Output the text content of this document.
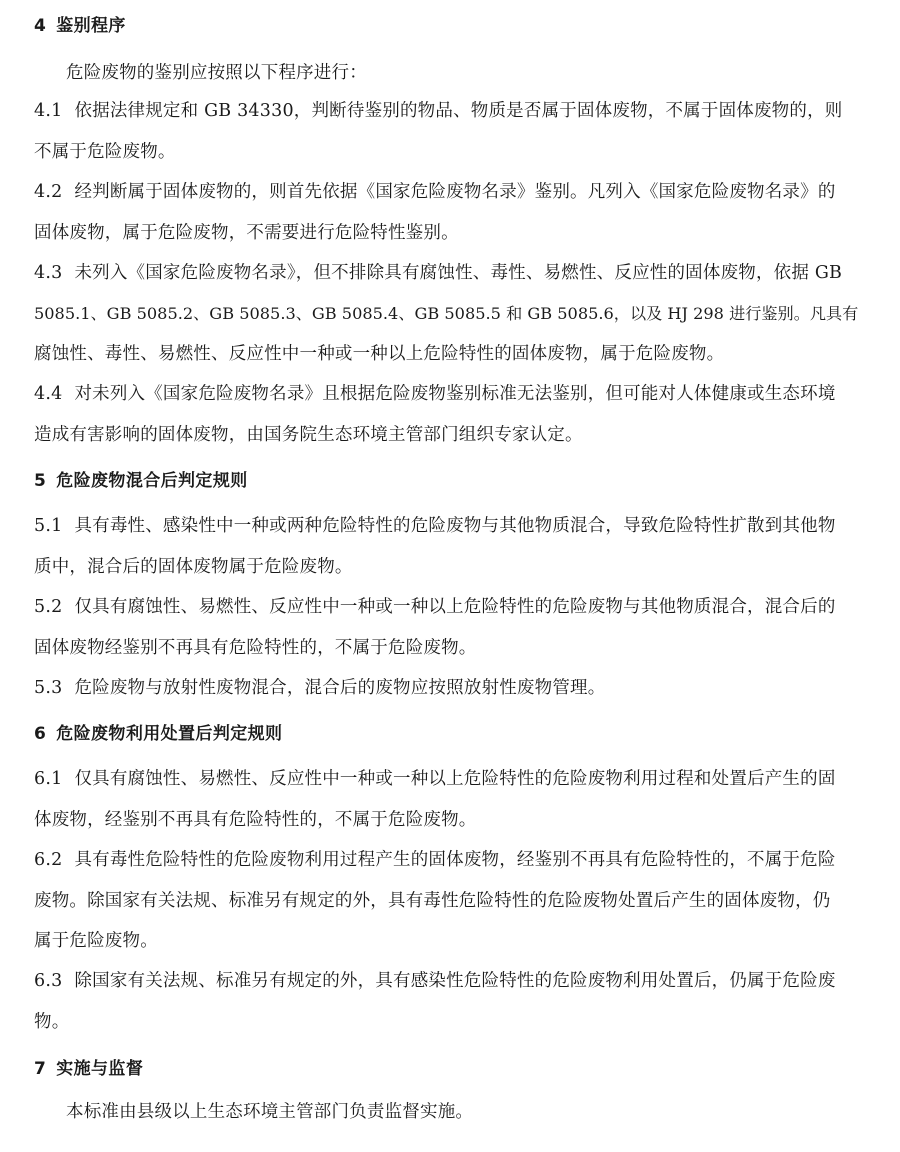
4 鉴别程序
危险废物的鉴别应按照以下程序进行：
4.1 依据法律规定和 GB 34330，判断待鉴别的物品、物质是否属于固体废物，不属于固体废物的，则
不属于危险废物。
4.2 经判断属于固体废物的，则首先依据《国家危险废物名录》鉴别。凡列入《国家危险废物名录》的
固体废物，属于危险废物，不需要进行危险特性鉴别。
4.3 未列入《国家危险废物名录》，但不排除具有腐蚀性、毒性、易燃性、反应性的固体废物，依据 GB
5085.1、GB 5085.2、GB 5085.3、GB 5085.4、GB 5085.5 和 GB 5085.6，以及 HJ 298 进行鉴别。凡具有
腐蚀性、毒性、易燃性、反应性中一种或一种以上危险特性的固体废物，属于危险废物。
4.4 对未列入《国家危险废物名录》且根据危险废物鉴别标准无法鉴别，但可能对人体健康或生态环境
造成有害影响的固体废物，由国务院生态环境主管部门组织专家认定。
5 危险废物混合后判定规则
5.1 具有毒性、感染性中一种或两种危险特性的危险废物与其他物质混合，导致危险特性扩散到其他物
质中，混合后的固体废物属于危险废物。
5.2 仅具有腐蚀性、易燃性、反应性中一种或一种以上危险特性的危险废物与其他物质混合，混合后的
固体废物经鉴别不再具有危险特性的，不属于危险废物。
5.3 危险废物与放射性废物混合，混合后的废物应按照放射性废物管理。
6 危险废物利用处置后判定规则
6.1 仅具有腐蚀性、易燃性、反应性中一种或一种以上危险特性的危险废物利用过程和处置后产生的固
体废物，经鉴别不再具有危险特性的，不属于危险废物。
6.2 具有毒性危险特性的危险废物利用过程产生的固体废物，经鉴别不再具有危险特性的，不属于危险
废物。除国家有关法规、标准另有规定的外，具有毒性危险特性的危险废物处置后产生的固体废物，仍
属于危险废物。
6.3 除国家有关法规、标准另有规定的外，具有感染性危险特性的危险废物利用处置后，仍属于危险废
物。
7 实施与监督
本标准由县级以上生态环境主管部门负责监督实施。
